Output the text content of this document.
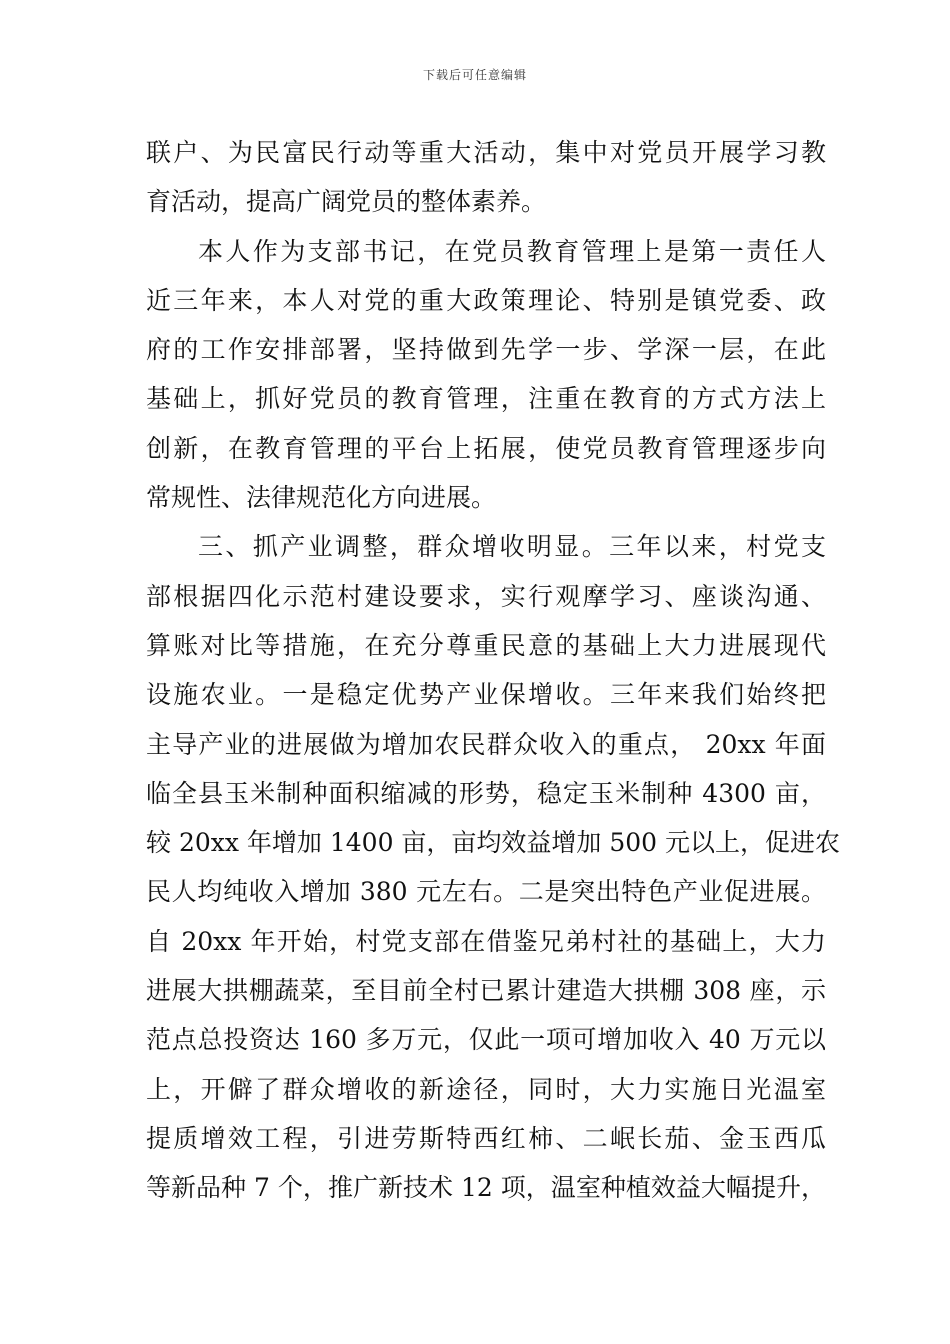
下载后可任意编辑
联户、为民富民行动等重大活动，集中对党员开展学习教
育活动，提高广阔党员的整体素养。
本人作为支部书记，在党员教育管理上是第一责任人
近三年来，本人对党的重大政策理论、特别是镇党委、政
府的工作安排部署，坚持做到先学一步、学深一层，在此
基础上，抓好党员的教育管理，注重在教育的方式方法上
创新，在教育管理的平台上拓展，使党员教育管理逐步向
常规性、法律规范化方向进展。
三、抓产业调整，群众增收明显。三年以来，村党支
部根据四化示范村建设要求，实行观摩学习、座谈沟通、
算账对比等措施，在充分尊重民意的基础上大力进展现代
设施农业。一是稳定优势产业保增收。三年来我们始终把
主导产业的进展做为增加农民群众收入的重点， 20xx 年面
临全县玉米制种面积缩减的形势，稳定玉米制种 4300 亩，
较 20xx 年增加 1400 亩，亩均效益增加 500 元以上，促进农
民人均纯收入增加 380 元左右。二是突出特色产业促进展。
自 20xx 年开始，村党支部在借鉴兄弟村社的基础上，大力
进展大拱棚蔬菜，至目前全村已累计建造大拱棚 308 座，示
范点总投资达 160 多万元，仅此一项可增加收入 40 万元以
上，开僻了群众增收的新途径，同时，大力实施日光温室
提质增效工程，引进劳斯特西红柿、二岷长茄、金玉西瓜
等新品种 7 个，推广新技术 12 项，温室种植效益大幅提升，
